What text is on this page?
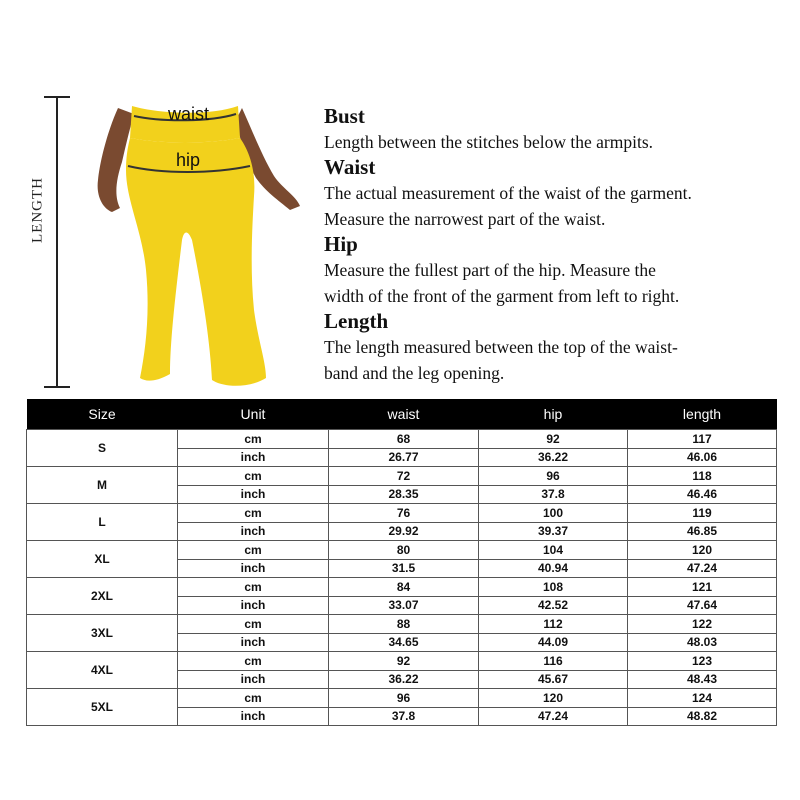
LENGTH
waist
hip
Bust
Length between the stitches below the armpits.
Waist
The actual measurement of the waist of the garment.
Measure the narrowest part of the waist.
Hip
Measure the fullest part of the hip. Measure the
width of the front of the garment from left to right.
Length
The length measured between the top of the waist-
band and the leg opening.
Size	Unit	waist	hip	length
S	cm	68	92	117
	inch	26.77	36.22	46.06
M	cm	72	96	118
	inch	28.35	37.8	46.46
L	cm	76	100	119
	inch	29.92	39.37	46.85
XL	cm	80	104	120
	inch	31.5	40.94	47.24
2XL	cm	84	108	121
	inch	33.07	42.52	47.64
3XL	cm	88	112	122
	inch	34.65	44.09	48.03
4XL	cm	92	116	123
	inch	36.22	45.67	48.43
5XL	cm	96	120	124
	inch	37.8	47.24	48.82
